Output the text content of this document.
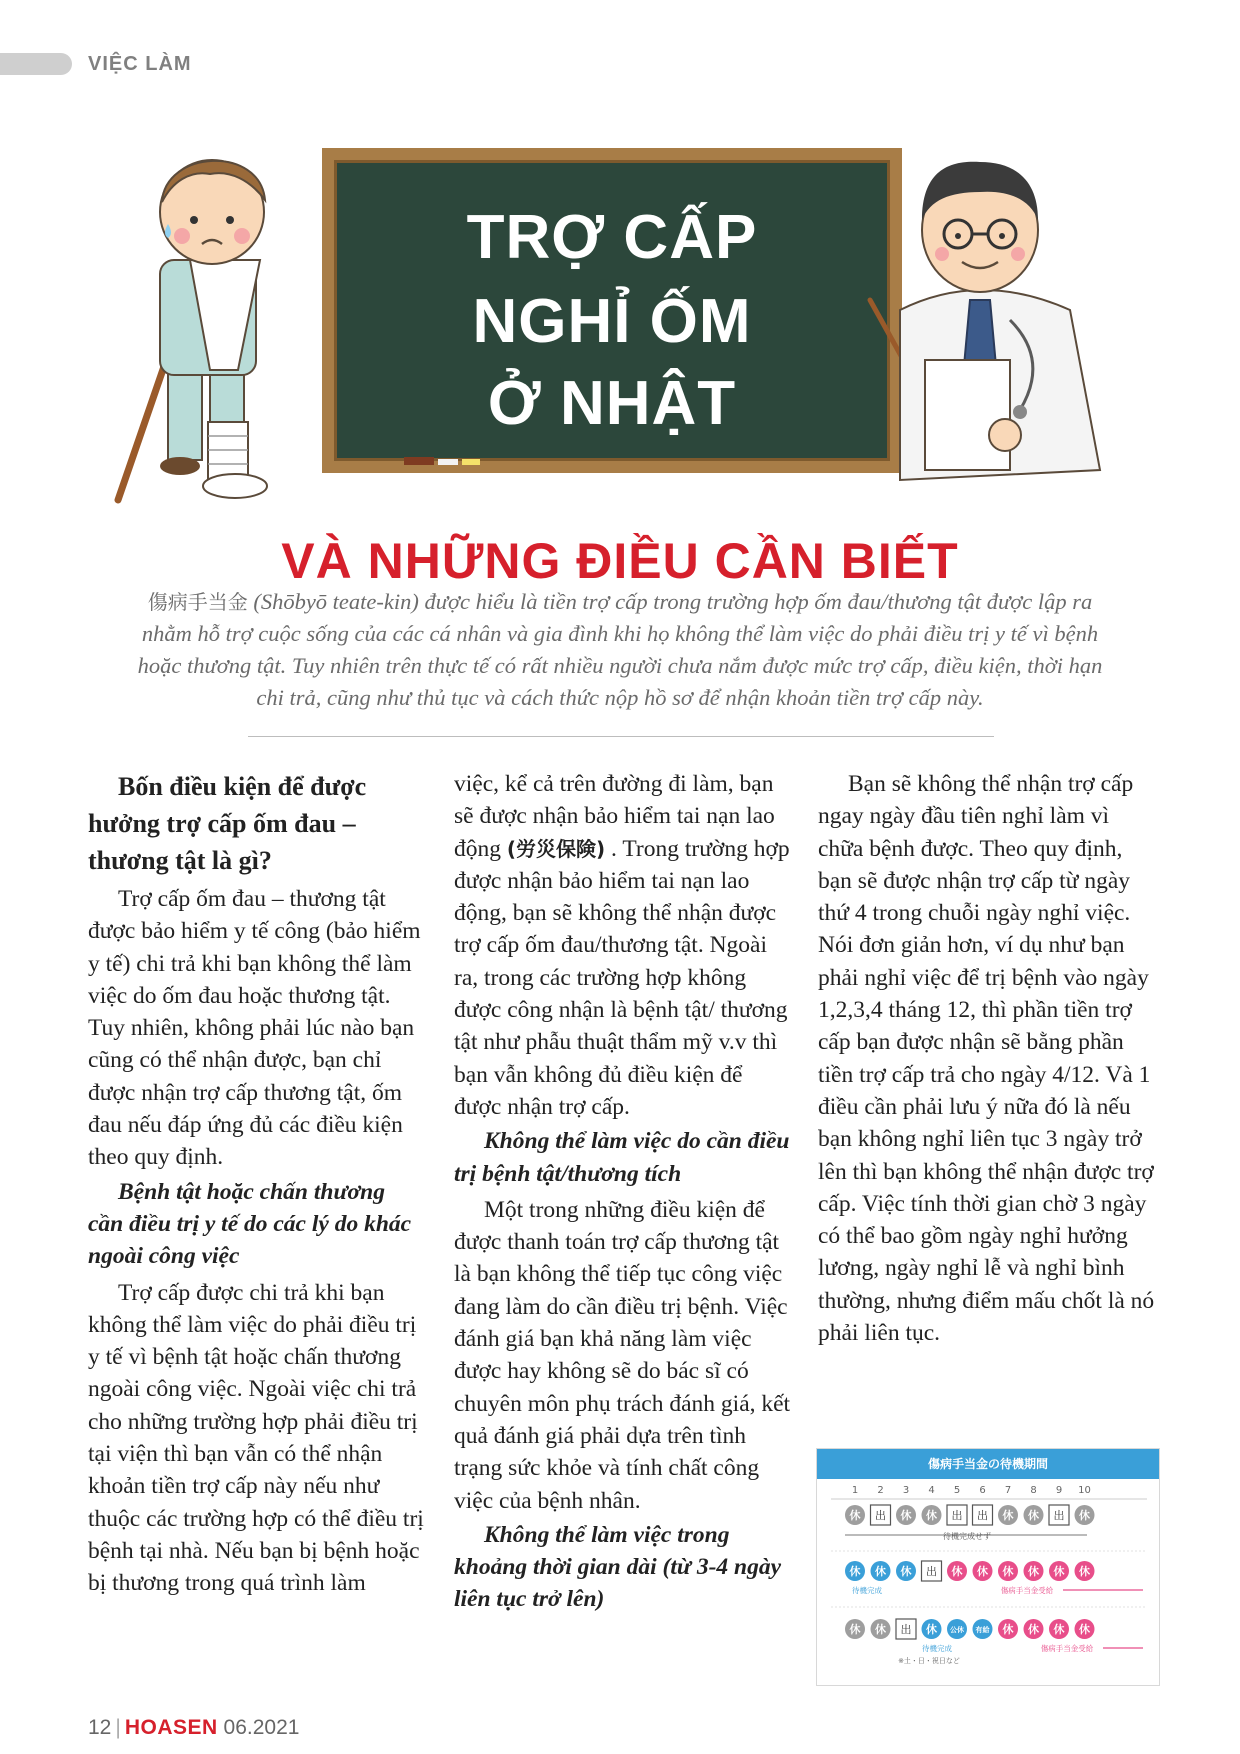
VIỆC LÀM
TRỢ CẤP
NGHỈ ỐM
Ở NHẬT
VÀ NHỮNG ĐIỀU CẦN BIẾT
傷病手当金 (Shōbyō teate-kin) được hiểu là tiền trợ cấp trong trường hợp ốm đau/thương tật được lập ra nhằm hỗ trợ cuộc sống của các cá nhân và gia đình khi họ không thể làm việc do phải điều trị y tế vì bệnh hoặc thương tật. Tuy nhiên trên thực tế có rất nhiều người chưa nắm được mức trợ cấp, điều kiện, thời hạn chi trả, cũng như thủ tục và cách thức nộp hồ sơ để nhận khoản tiền trợ cấp này.
Bốn điều kiện để được hưởng trợ cấp ốm đau – thương tật là gì?

Trợ cấp ốm đau – thương tật được bảo hiểm y tế công (bảo hiểm y tế) chi trả khi bạn không thể làm việc do ốm đau hoặc thương tật. Tuy nhiên, không phải lúc nào bạn cũng có thể nhận được, bạn chỉ được nhận trợ cấp thương tật, ốm đau nếu đáp ứng đủ các điều kiện theo quy định.

Bệnh tật hoặc chấn thương cần điều trị y tế do các lý do khác ngoài công việc

Trợ cấp được chi trả khi bạn không thể làm việc do phải điều trị y tế vì bệnh tật hoặc chấn thương ngoài công việc. Ngoài việc chi trả cho những trường hợp phải điều trị tại viện thì bạn vẫn có thể nhận khoản tiền trợ cấp này nếu như thuộc các trường hợp có thể điều trị bệnh tại nhà. Nếu bạn bị bệnh hoặc bị thương trong quá trình làm

việc, kể cả trên đường đi làm, bạn sẽ được nhận bảo hiểm tai nạn lao động (労災保険) . Trong trường hợp được nhận bảo hiểm tai nạn lao động, bạn sẽ không thể nhận được trợ cấp ốm đau/thương tật. Ngoài ra, trong các trường hợp không được công nhận là bệnh tật/ thương tật như phẫu thuật thẩm mỹ v.v thì bạn vẫn không đủ điều kiện để được nhận trợ cấp.

Không thể làm việc do cần điều trị bệnh tật/thương tích

Một trong những điều kiện để được thanh toán trợ cấp thương tật là bạn không thể tiếp tục công việc đang làm do cần điều trị bệnh. Việc đánh giá bạn khả năng làm việc được hay không sẽ do bác sĩ có chuyên môn phụ trách đánh giá, kết quả đánh giá phải dựa trên tình trạng sức khỏe và tính chất công việc của bệnh nhân.

Không thể làm việc trong khoảng thời gian dài (từ 3-4 ngày liên tục trở lên)

Bạn sẽ không thể nhận trợ cấp ngay ngày đầu tiên nghỉ làm vì chữa bệnh được. Theo quy định, bạn sẽ được nhận trợ cấp từ ngày thứ 4 trong chuỗi ngày nghỉ việc. Nói đơn giản hơn, ví dụ như bạn phải nghỉ việc để trị bệnh vào ngày 1,2,3,4 tháng 12, thì phần tiền trợ cấp bạn được nhận sẽ bằng phần tiền trợ cấp trả cho ngày 4/12. Và 1 điều cần phải lưu ý nữa đó là nếu bạn không nghỉ liên tục 3 ngày trở lên thì bạn không thể nhận được trợ cấp. Việc tính thời gian chờ 3 ngày có thể bao gồm ngày nghỉ hưởng lương, ngày nghỉ lễ và nghỉ bình thường, nhưng điểm mấu chốt là nó phải liên tục.

傷病手当金の待機期間
1 2 3 4 5 6 7 8 9 10
休 出 休 休 出 出 休 休 出 休
待機完成せず
休 休 休 出 休 休 休 休 休 休
待機完成	傷病手当金受給
休 休 出 休 公休 有給 休 休 休 休
待機完成	傷病手当金受給
※土・日・祝日など
12 | HOASEN 06.2021
